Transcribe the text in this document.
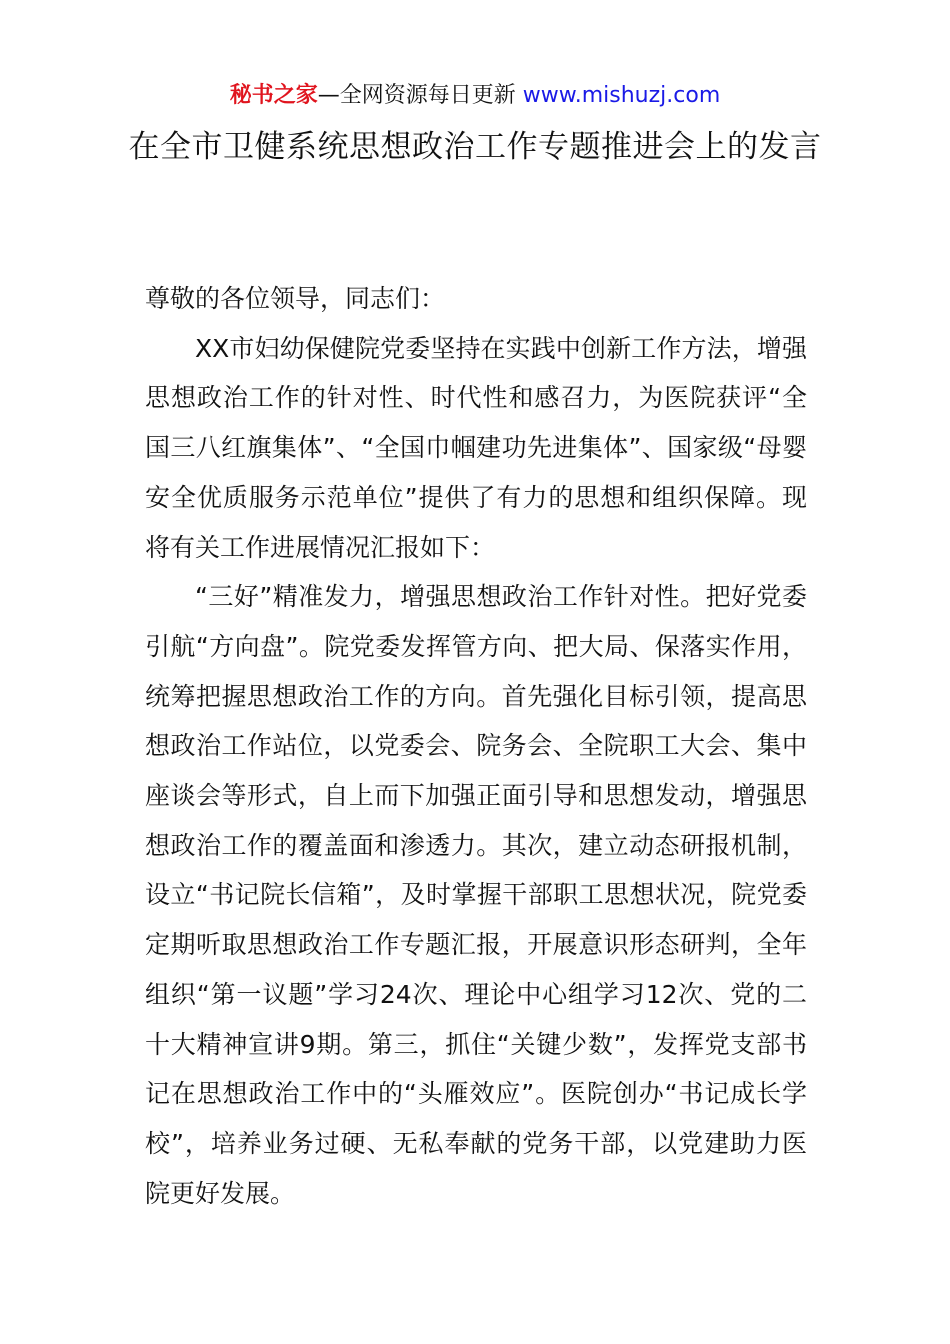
秘书之家—全网资源每日更新 www.mishuzj.com
在全市卫健系统思想政治工作专题推进会上的发言

尊敬的各位领导，同志们：

XX市妇幼保健院党委坚持在实践中创新工作方法，增强思想政治工作的针对性、时代性和感召力，为医院获评“全国三八红旗集体”、“全国巾帼建功先进集体”、国家级“母婴安全优质服务示范单位”提供了有力的思想和组织保障。现将有关工作进展情况汇报如下：

“三好”精准发力，增强思想政治工作针对性。把好党委引航“方向盘”。院党委发挥管方向、把大局、保落实作用，统筹把握思想政治工作的方向。首先强化目标引领，提高思想政治工作站位，以党委会、院务会、全院职工大会、集中座谈会等形式，自上而下加强正面引导和思想发动，增强思想政治工作的覆盖面和渗透力。其次，建立动态研报机制，设立“书记院长信箱”，及时掌握干部职工思想状况，院党委定期听取思想政治工作专题汇报，开展意识形态研判，全年组织“第一议题”学习24次、理论中心组学习12次、党的二十大精神宣讲9期。第三，抓住“关键少数”，发挥党支部书记在思想政治工作中的“头雁效应”。医院创办“书记成长学校”，培养业务过硬、无私奉献的党务干部，以党建助力医院更好发展。
